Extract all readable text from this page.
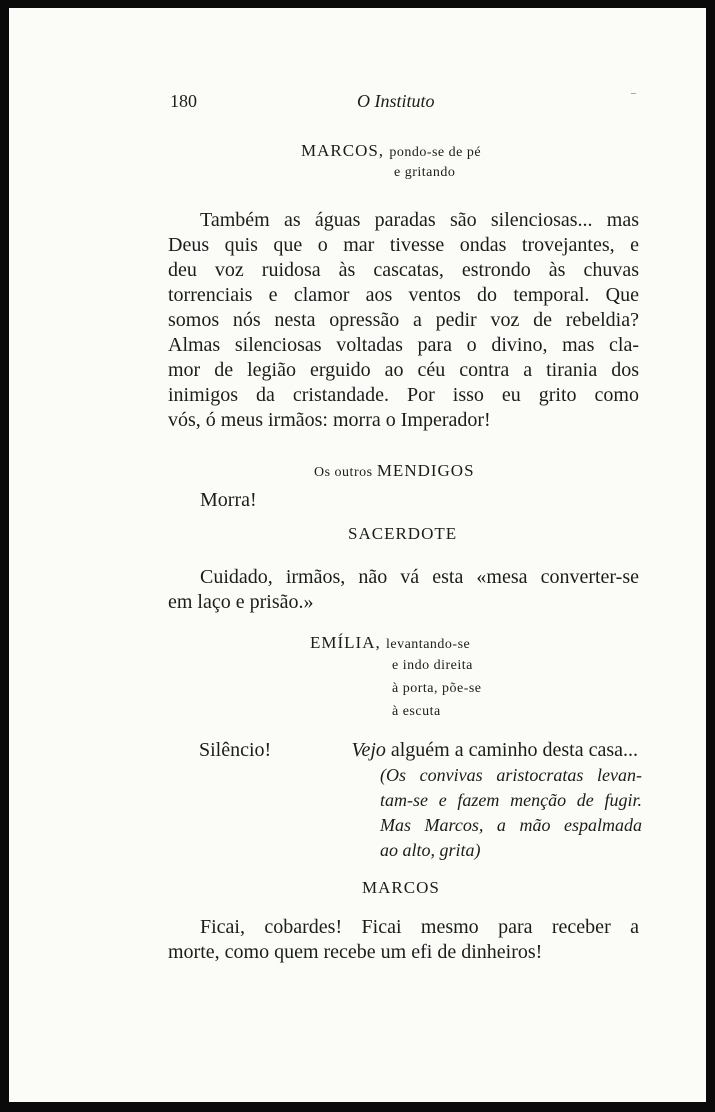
180	O Instituto	¯

MARCOS, pondo-se de pé

e gritando

Também as águas paradas são silenciosas... mas
Deus quis que o mar tivesse ondas trovejantes, e
deu voz ruidosa às cascatas, estrondo às chuvas
torrenciais e clamor aos ventos do temporal. Que
somos nós nesta opressão a pedir voz de rebeldia?
Almas silenciosas voltadas para o divino, mas cla-
mor de legião erguido ao céu contra a tirania dos
inimigos da cristandade. Por isso eu grito como
vós, ó meus irmãos: morra o Imperador!

Os outros MENDIGOS

Morra!

SACERDOTE

Cuidado, irmãos, não vá esta «mesa converter-se
em laço e prisão.»

EMÍLIA, levantando-se

e indo direita

à porta, põe-se

à escuta

Silêncio!	Vejo alguém a caminho desta casa...

(Os convivas aristocratas levan-
tam-se e fazem menção de fugir.
Mas Marcos, a mão espalmada
ao alto, grita)

MARCOS

Ficai, cobardes! Ficai mesmo para receber a
morte, como quem recebe um efi de dinheiros!
